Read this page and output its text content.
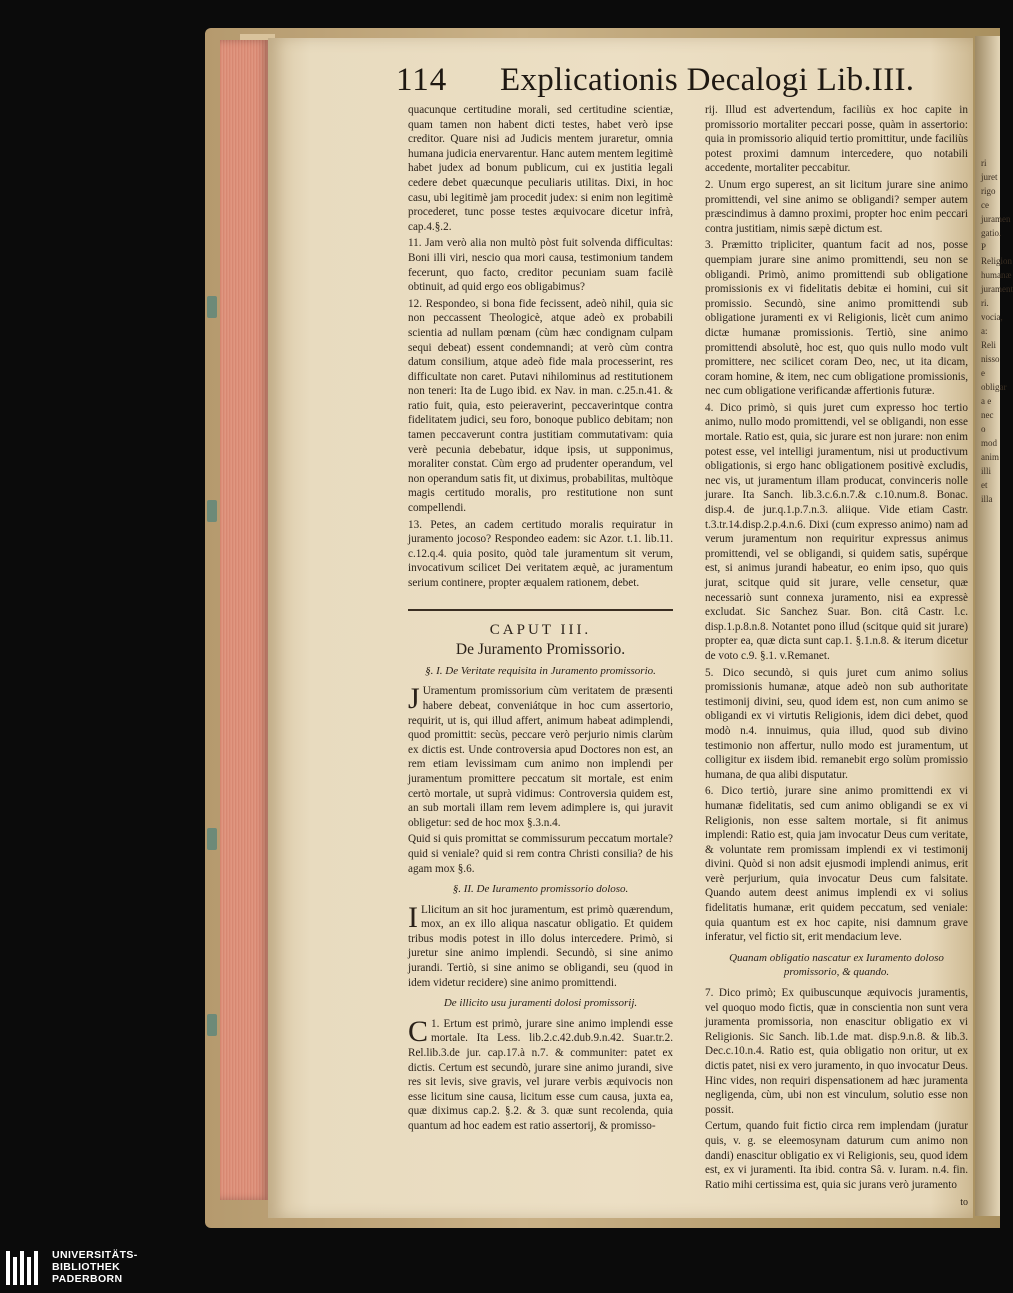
ri juret
rigo ce
juramen
gatio. P
Religion
humanæ
jurament
ri.
vocia,
a: Reli
nisso e
obligar
a e
nec
o mod
anim
illi
et illa
114 Explicationis Decalogi Lib.III.

quacunque certitudine morali, sed certitudine scientiæ, quam tamen non habent dicti testes, habet verò ipse creditor. Quare nisi ad Judicis mentem juraretur, omnia humana judicia enervarentur. Hanc autem mentem legitimè habet judex ad bonum publicum, cui ex justitia legali cedere debet quæcunque peculiaris utilitas. Dixi, in hoc casu, ubi legitimè jam procedit judex: si enim non legitimè procederet, tunc posse testes æquivocare dicetur infrà, cap.4.§.2.

11. Jam verò alia non multò pòst fuit solvenda difficultas: Boni illi viri, nescio qua mori causa, testimonium tandem fecerunt, quo facto, creditor pecuniam suam facilè obtinuit, ad quid ergo eos obligabimus?

12. Respondeo, si bona fide fecissent, adeò nihil, quia sic non peccassent Theologicè, atque adeò ex probabili scientia ad nullam pœnam (cùm hæc condignam culpam sequi debeat) essent condemnandi; at verò cùm contra datum consilium, atque adeò fide mala processerint, res difficultate non caret. Putavi nihilominus ad restitutionem non teneri: Ita de Lugo ibid. ex Nav. in man. c.25.n.41. & ratio fuit, quia, esto peieraverint, peccaverintque contra fidelitatem judici, seu foro, bonoque publico debitam; non tamen peccaverunt contra justitiam commutativam: quia verè pecunia debebatur, idque ipsis, ut supponimus, moraliter constat. Cùm ergo ad prudenter operandum, vel non operandum satis fit, ut diximus, probabilitas, multòque magis certitudo moralis, pro restitutione non sunt compellendi.

13. Petes, an cadem certitudo moralis requiratur in juramento jocoso? Respondeo eadem: sic Azor. t.1. lib.11. c.12.q.4. quia posito, quòd tale juramentum sit verum, invocativum scilicet Dei veritatem æquè, ac juramentum serium continere, propter æqualem rationem, debet.

CAPUT III.
De Juramento Promissorio.
§. I. De Veritate requisita in Juramento promissorio.

J Uramentum promissorium cùm veritatem de præsenti habere debeat, conveniátque in hoc cum assertorio, requirit, ut is, qui illud affert, animum habeat adimplendi, quod promittit: secùs, peccare verò perjurio nimis clarùm ex dictis est. Unde controversia apud Doctores non est, an rem etiam levissimam cum animo non implendi per juramentum promittere peccatum sit mortale, est enim certò mortale, ut suprà vidimus: Controversia quidem est, an sub mortali illam rem levem adimplere is, qui juravit obligetur: sed de hoc mox §.3.n.4.

Quid si quis promittat se commissurum peccatum mortale? quid si veniale? quid si rem contra Christi consilia? de his agam mox §.6.

§. II. De Iuramento promissorio doloso.

I Llicitum an sit hoc juramentum, est primò quærendum, mox, an ex illo aliqua nascatur obligatio. Et quidem tribus modis potest in illo dolus intercedere. Primò, si juretur sine animo implendi. Secundò, si sine animo jurandi. Tertiò, si sine animo se obligandi, seu (quod in idem videtur recidere) sine animo promittendi.

De illicito usu juramenti dolosi promissorij.

C 1. Ertum est primò, jurare sine animo implendi esse mortale. Ita Less. lib.2.c.42.dub.9.n.42. Suar.tr.2. Rel.lib.3.de jur. cap.17.à n.7. & communiter: patet ex dictis. Certum est secundò, jurare sine animo jurandi, sive res sit levis, sive gravis, vel jurare verbis æquivocis non esse licitum sine causa, licitum esse cum causa, juxta ea, quæ diximus cap.2. §.2. & 3. quæ sunt recolenda, quia quantum ad hoc eadem est ratio assertorij, & promisso-

rij. Illud est advertendum, faciliùs ex hoc capite in promissorio mortaliter peccari posse, quàm in assertorio: quia in promissorio aliquid tertio promittitur, unde faciliùs potest proximi damnum intercedere, quo notabili accedente, mortaliter peccabitur.

2. Unum ergo superest, an sit licitum jurare sine animo promittendi, vel sine animo se obligandi? semper autem præscindimus à damno proximi, propter hoc enim peccari contra justitiam, nimis sæpè dictum est.

3. Præmitto tripliciter, quantum facit ad nos, posse quempiam jurare sine animo promittendi, seu non se obligandi. Primò, animo promittendi sub obligatione promissionis ex vi fidelitatis debitæ ei homini, cui sit promissio. Secundò, sine animo promittendi sub obligatione juramenti ex vi Religionis, licèt cum animo dictæ humanæ promissionis. Tertiò, sine animo promittendi absolutè, hoc est, quo quis nullo modo vult promittere, nec scilicet coram Deo, nec, ut ita dicam, coram homine, & item, nec cum obligatione promissionis, nec cum obligatione verificandæ affertionis futuræ.

4. Dico primò, si quis juret cum expresso hoc tertio animo, nullo modo promittendi, vel se obligandi, non esse mortale. Ratio est, quia, sic jurare est non jurare: non enim potest esse, vel intelligi juramentum, nisi ut productivum obligationis, si ergo hanc obligationem positivè excludis, nec vis, ut juramentum illam producat, convinceris nolle jurare. Ita Sanch. lib.3.c.6.n.7.& c.10.num.8. Bonac. disp.4. de jur.q.1.p.7.n.3. aliique. Vide etiam Castr. t.3.tr.14.disp.2.p.4.n.6. Dixi (cum expresso animo) nam ad verum juramentum non requiritur expressus animus promittendi, vel se obligandi, si quidem satis, supérque est, si animus jurandi habeatur, eo enim ipso, quo quis jurat, scitque quid sit jurare, velle censetur, quæ necessariò sunt connexa juramento, nisi ea expressè excludat. Sic Sanchez Suar. Bon. citâ Castr. l.c. disp.1.p.8.n.8. Notantet pono illud (scitque quid sit jurare) propter ea, quæ dicta sunt cap.1. §.1.n.8. & iterum dicetur de voto c.9. §.1. v.Remanet.

5. Dico secundò, si quis juret cum animo solius promissionis humanæ, atque adeò non sub authoritate testimonij divini, seu, quod idem est, non cum animo se obligandi ex vi virtutis Religionis, idem dici debet, quod modò n.4. innuimus, quia illud, quod sub divino testimonio non affertur, nullo modo est juramentum, ut colligitur ex iisdem ibid. remanebit ergo solùm promissio humana, de qua alibi disputatur.

6. Dico tertiò, jurare sine animo promittendi ex vi humanæ fidelitatis, sed cum animo obligandi se ex vi Religionis, non esse saltem mortale, si fit animus implendi: Ratio est, quia jam invocatur Deus cum veritate, & voluntate rem promissam implendi ex vi testimonij divini. Quòd si non adsit ejusmodi implendi animus, erit verè perjurium, quia invocatur Deus cum falsitate. Quando autem deest animus implendi ex vi solius fidelitatis humanæ, erit quidem peccatum, sed veniale: quia quantum est ex hoc capite, nisi damnum grave inferatur, vel fictio sit, erit mendacium leve.

Quanam obligatio nascatur ex Iuramento doloso promissorio, & quando.

7. Dico primò; Ex quibuscunque æquivocis juramentis, vel quoquo modo fictis, quæ in conscientia non sunt vera juramenta promissoria, non enascitur obligatio ex vi Religionis. Sic Sanch. lib.1.de mat. disp.9.n.8. & lib.3. Dec.c.10.n.4. Ratio est, quia obligatio non oritur, ut ex dictis patet, nisi ex vero juramento, in quo invocatur Deus. Hinc vides, non requiri dispensationem ad hæc juramenta negligenda, cùm, ubi non est vinculum, solutio esse non possit.

Certum, quando fuit fictio circa rem implendam (juratur quis, v. g. se eleemosynam daturum cum animo non dandi) enascitur obligatio ex vi Religionis, seu, quod idem est, ex vi juramenti. Ita ibid. contra Sâ. v. Iuram. n.4. fin. Ratio mihi certissima est, quia sic jurans verò juramento

to
UNIVERSITÄTS-
BIBLIOTHEK
PADERBORN
